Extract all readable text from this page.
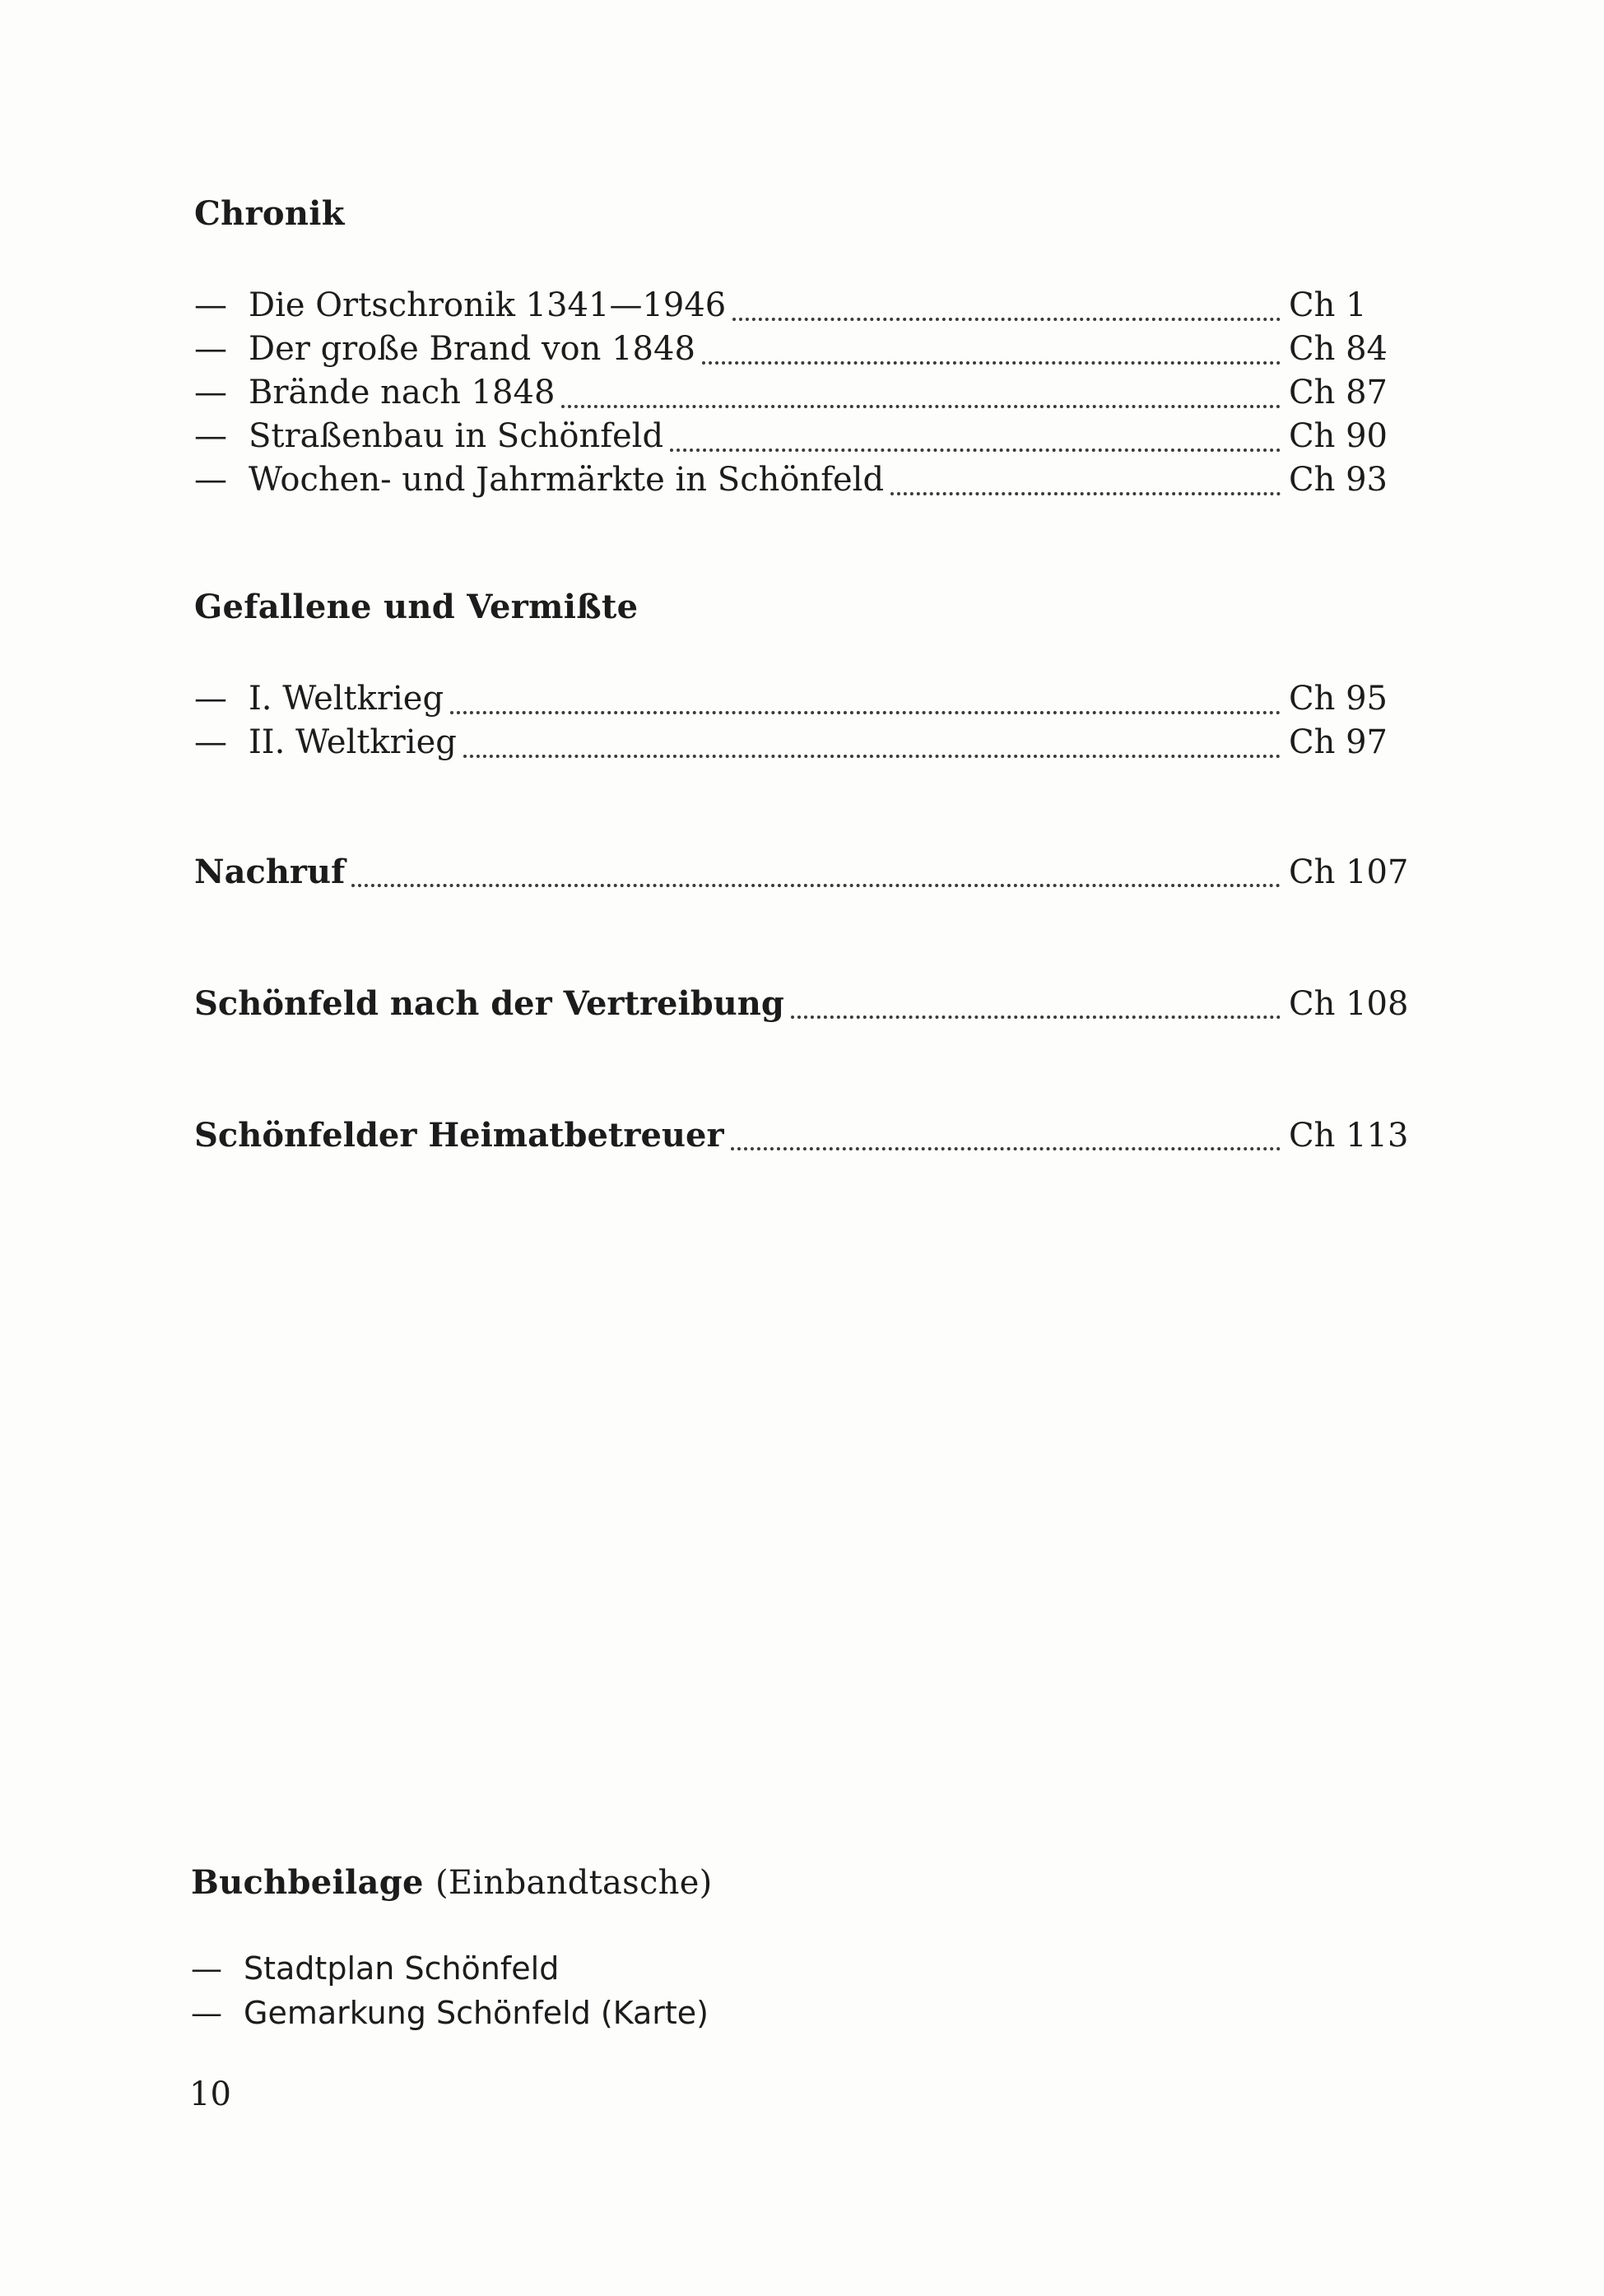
Chronik
— Die Ortschronik 1341—1946	Ch 1
— Der große Brand von 1848	Ch 84
— Brände nach 1848	Ch 87
— Straßenbau in Schönfeld	Ch 90
— Wochen- und Jahrmärkte in Schönfeld	Ch 93
Gefallene und Vermißte
— I. Weltkrieg	Ch 95
— II. Weltkrieg	Ch 97
Nachruf	Ch 107
Schönfeld nach der Vertreibung	Ch 108
Schönfelder Heimatbetreuer	Ch 113
Buchbeilage (Einbandtasche)
— Stadtplan Schönfeld
— Gemarkung Schönfeld (Karte)
10
